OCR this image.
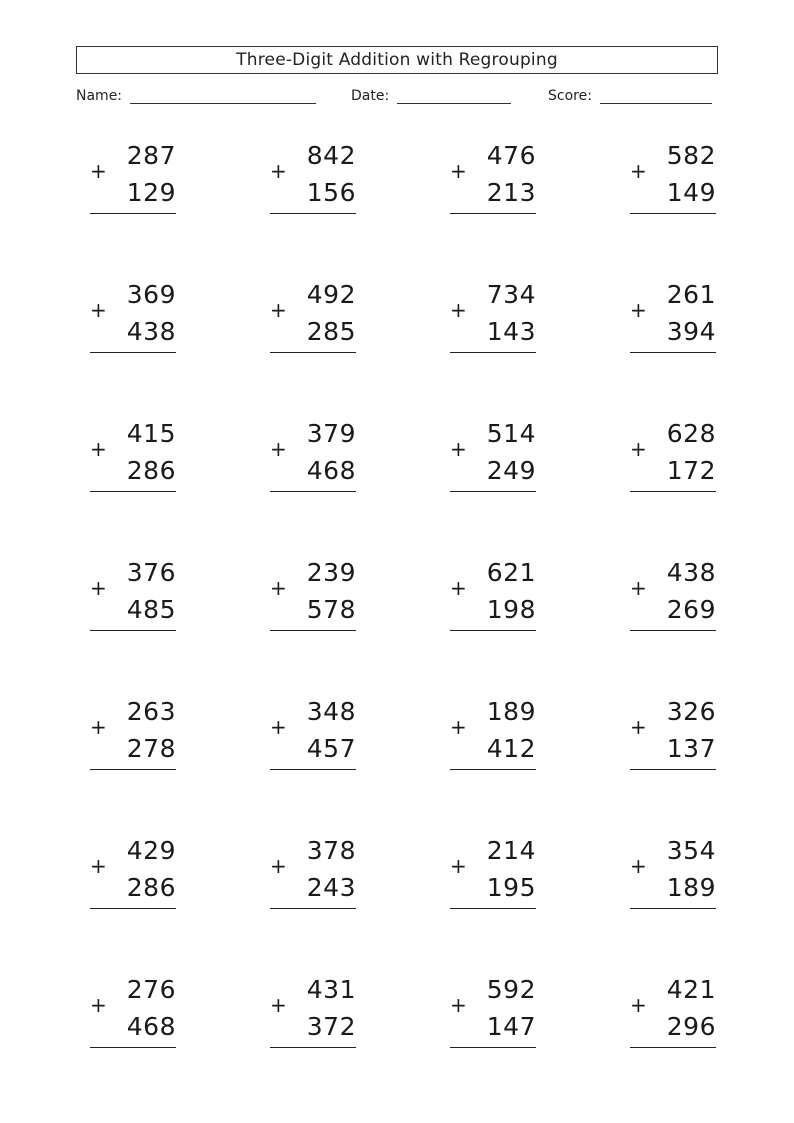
Three-Digit Addition with Regrouping
Name:	Date:	Score:
287
+
129
842
+
156
476
+
213
582
+
149
369
+
438
492
+
285
734
+
143
261
+
394
415
+
286
379
+
468
514
+
249
628
+
172
376
+
485
239
+
578
621
+
198
438
+
269
263
+
278
348
+
457
189
+
412
326
+
137
429
+
286
378
+
243
214
+
195
354
+
189
276
+
468
431
+
372
592
+
147
421
+
296
